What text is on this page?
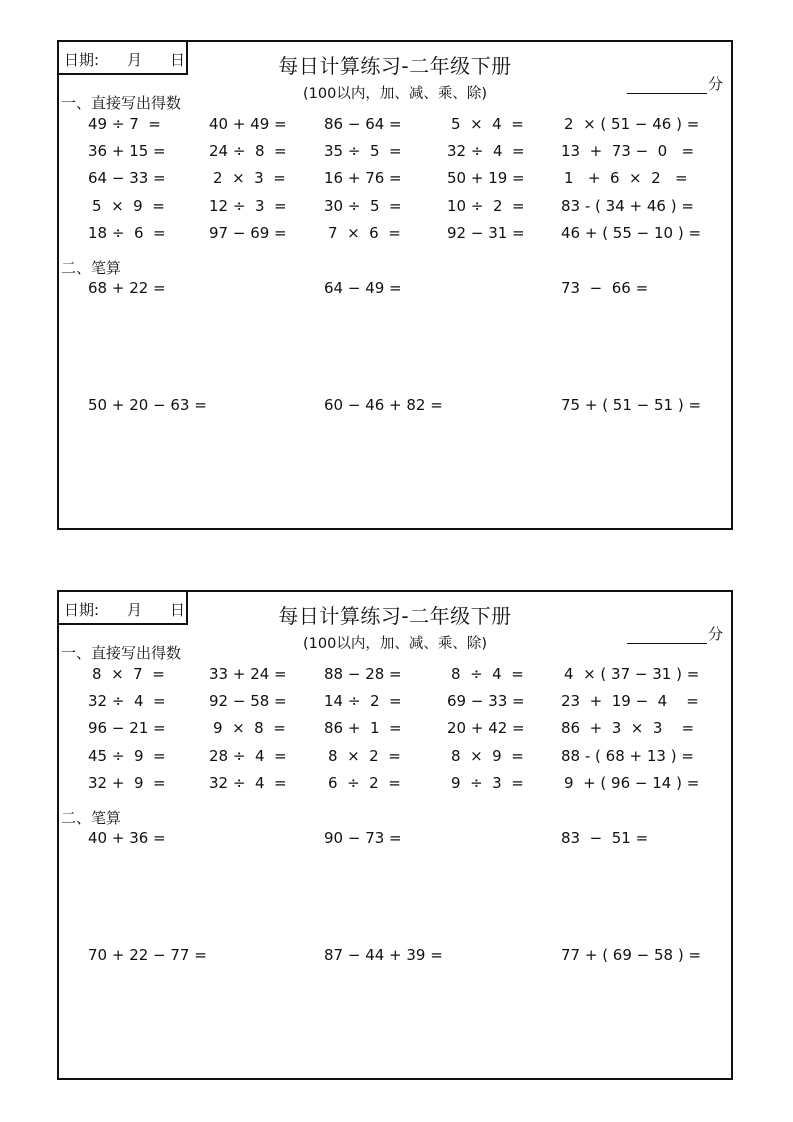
日期: 月 日	每日计算练习-二年级下册
(100以内，加、减、乘、除)
分
一、直接写出得数
二、笔算
49 ÷ 7  =	40 + 49 = 86 − 64 =	5  ×  4  =	2  × ( 51 − 46 ) =
36 + 15 =	24 ÷  8  = 35 ÷  5  =	32 ÷  4  = 13  +  73 −  0   =
64 − 33 =	2  ×  3  =	16 + 76 =	50 + 19 =	1   +  6  ×  2   =
5  ×  9  =	12 ÷  3  = 30 ÷  5  =	10 ÷  2  = 83 - ( 34 + 46 ) =
18 ÷  6  =	97 − 69 =	7  ×  6  =	92 − 31 = 46 + ( 55 − 10 ) =
68 + 22 =	64 − 49 =	73  −  66 =
50 + 20 − 63 =	60 − 46 + 82 =	75 + ( 51 − 51 ) =
日期: 月 日	每日计算练习-二年级下册
(100以内，加、减、乘、除)
分
一、直接写出得数
二、笔算
8  ×  7  =	33 + 24 = 88 − 28 =	8  ÷  4  =	4  × ( 37 − 31 ) =
32 ÷  4  =	92 − 58 = 14 ÷  2  =	69 − 33 = 23  +  19 −  4    =
96 − 21 =	9  ×  8  =	86 +  1  =	20 + 42 = 86  +  3  ×  3    =
45 ÷  9  =	28 ÷  4  =	8  ×  2  =	8  ×  9  = 88 - ( 68 + 13 ) =
32 +  9  =	32 ÷  4  =	6  ÷  2  =	9  ÷  3  =	9  + ( 96 − 14 ) =
40 + 36 =	90 − 73 =	83  −  51 =
70 + 22 − 77 =	87 − 44 + 39 =	77 + ( 69 − 58 ) =
